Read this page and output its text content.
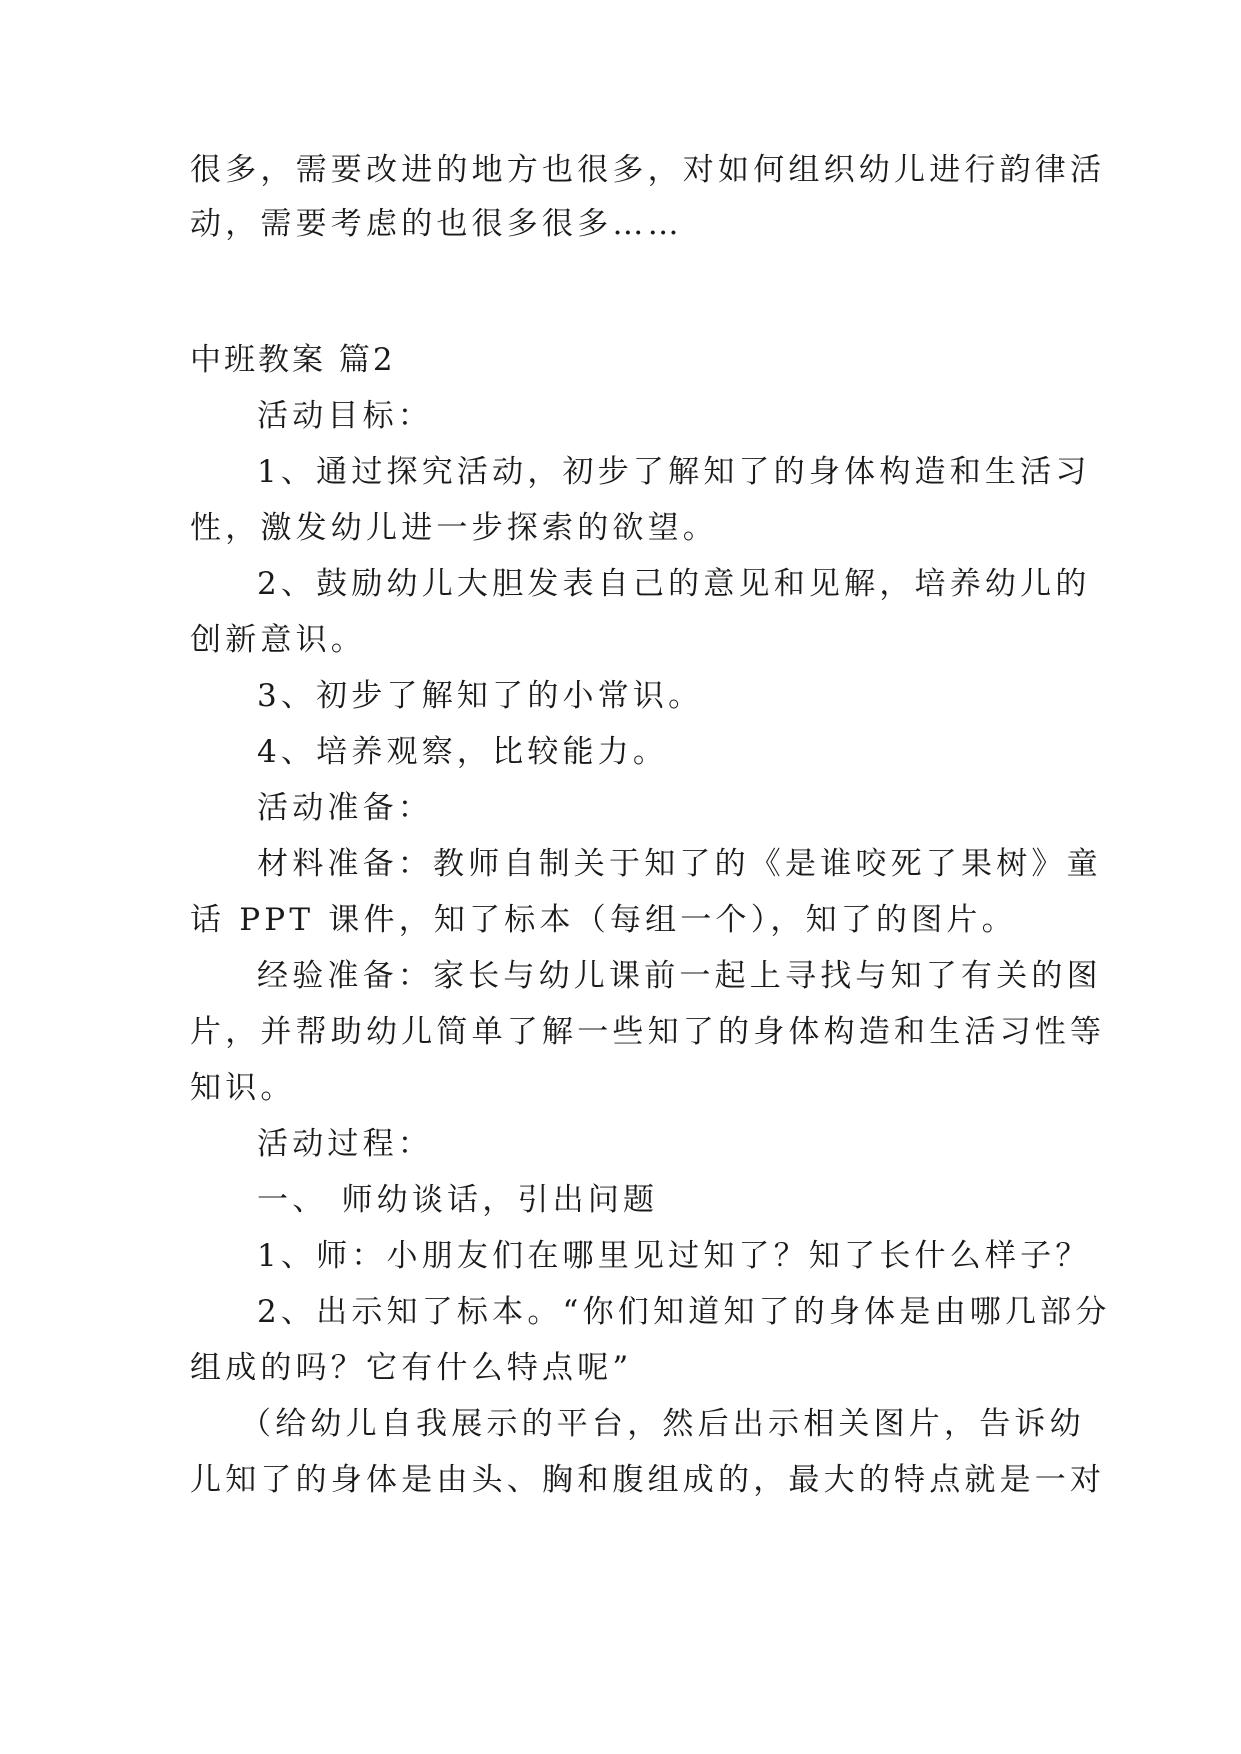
很多，需要改进的地方也很多，对如何组织幼儿进行韵律活
动，需要考虑的也很多很多……
中班教案 篇2
活动目标：
1、通过探究活动，初步了解知了的身体构造和生活习
性，激发幼儿进一步探索的欲望。
2、鼓励幼儿大胆发表自己的意见和见解，培养幼儿的
创新意识。
3、初步了解知了的小常识。
4、培养观察，比较能力。
活动准备：
材料准备：教师自制关于知了的《是谁咬死了果树》童
话 PPT 课件，知了标本（每组一个），知了的图片。
经验准备：家长与幼儿课前一起上寻找与知了有关的图
片，并帮助幼儿简单了解一些知了的身体构造和生活习性等
知识。
活动过程：
一、 师幼谈话，引出问题
1、师：小朋友们在哪里见过知了？知了长什么样子？
2、出示知了标本。“你们知道知了的身体是由哪几部分
组成的吗？它有什么特点呢”
（给幼儿自我展示的平台，然后出示相关图片，告诉幼
儿知了的身体是由头、胸和腹组成的，最大的特点就是一对
